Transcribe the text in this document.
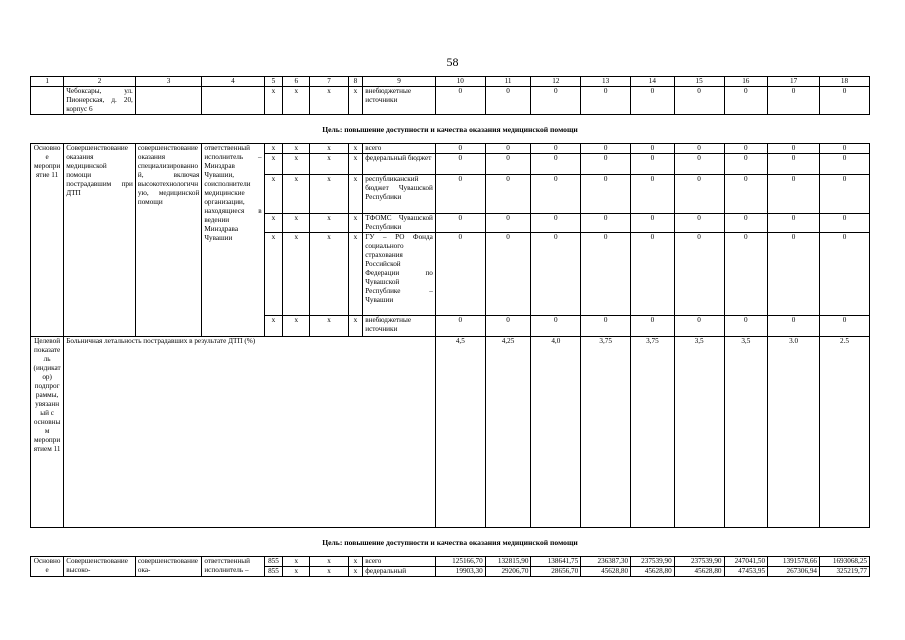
58
1	2	3	4	5	6	7	8	9	10	11	12	13	14	15	16	17	18
	Чебоксары, ул. Пионерская, д. 20, корпус 6			x	x	x	x	внебюджетные источники	0	0	0	0	0	0	0	0	0
Цель: повышение доступности и качества оказания медицинской помощи																	
Основное мероприятие 11	Совершенствование оказания медицинской помощи пострадавшим при ДТП	совершенствование оказания специализированной, включая высокотехнологичную, медицинской помощи	ответственный исполнитель – Минздрав Чувашии, соисполнители медицинские организации, находящиеся в ведении Минздрава Чувашии	x	x	x	x	всего	0	0	0	0	0	0	0	0	0
				x	x	x	x	федеральный бюджет	0	0	0	0	0	0	0	0	0
				x	x	x	x	республиканский бюджет Чувашской Республики	0	0	0	0	0	0	0	0	0
				x	x	x	x	ТФОМС Чувашской Республики	0	0	0	0	0	0	0	0	0
				x	x	x	x	ГУ – РО Фонда социального страхования Российской Федерации по Чувашской Республике – Чувашии	0	0	0	0	0	0	0	0	0
				x	x	x	x	внебюджетные источники	0	0	0	0	0	0	0	0	0
Целевой показатель (индикатор) подпрограммы, увязанный с основным мероприятием 11	Больничная летальность пострадавших в результате ДТП (%)								4,5	4,25	4,0	3,75	3,75	3,5	3,5	3.0	2.5
Цель: повышение доступности и качества оказания медицинской помощи																	
Основное	Совершенствование высоко-	совершенствование ока-	ответственный исполнитель –	855	x	x	x	всего	125166,70	132815,90	138641,75	236387,30	237539,90	237539,90	247041,50	1391578,66	1693068,25
				855	x	x	x	федеральный	19903,30	29206,70	28656,70	45628,80	45628,80	45628,80	47453,95	267306,94	325219,77
